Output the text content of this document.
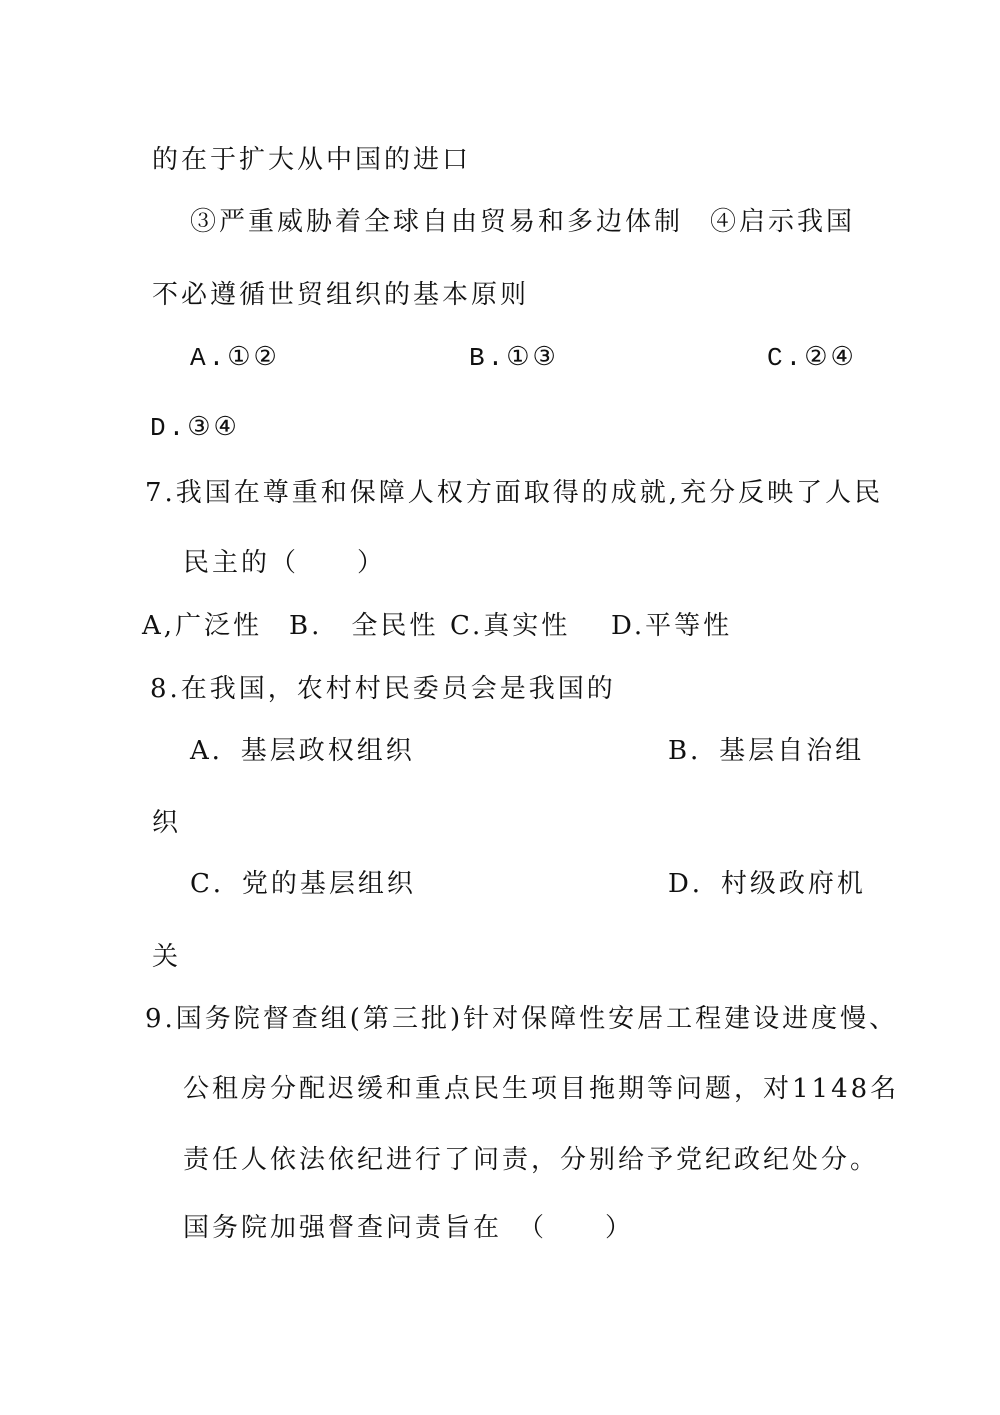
的在于扩大从中国的进口
③严重威胁着全球自由贸易和多边体制 ④启示我国
不必遵循世贸组织的基本原则
A.①②	B.①③	C.②④
D.③④
7.我国在尊重和保障人权方面取得的成就,充分反映了人民
民主的（　　）
A,广泛性 B.　全民性 C.真实性 D.平等性
8.在我国，农村村民委员会是我国的
A．基层政权组织	B．基层自治组
织
C．党的基层组织	D．村级政府机
关
9.国务院督查组(第三批)针对保障性安居工程建设进度慢、
公租房分配迟缓和重点民生项目拖期等问题，对1148名
责任人依法依纪进行了问责，分别给予党纪政纪处分。
国务院加强督查问责旨在　（　　）
